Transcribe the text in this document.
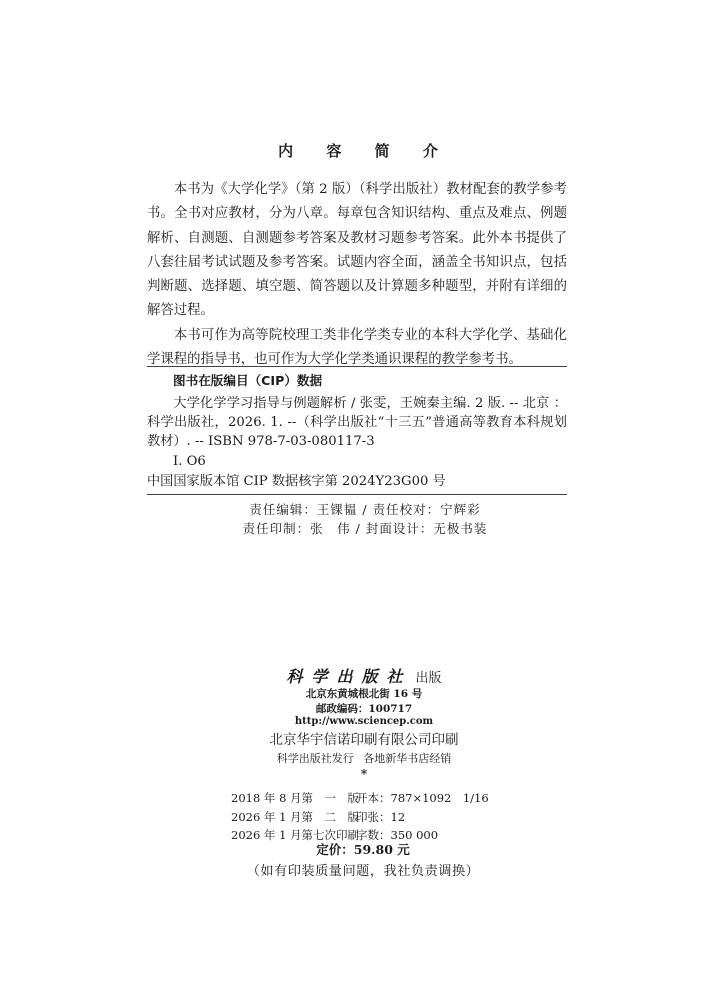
内 容 简 介

本书为《大学化学》（第 2 版）（科学出版社）教材配套的教学参考书。全书对应教材，分为八章。每章包含知识结构、重点及难点、例题解析、自测题、自测题参考答案及教材习题参考答案。此外本书提供了八套往届考试试题及参考答案。试题内容全面，涵盖全书知识点，包括判断题、选择题、填空题、简答题以及计算题多种题型，并附有详细的解答过程。

本书可作为高等院校理工类非化学类专业的本科大学化学、基础化学课程的指导书，也可作为大学化学类通识课程的教学参考书。

图书在版编目（CIP）数据
大学化学学习指导与例题解析 / 张雯，王婉秦主编. 2 版. -- 北京 ： 科学出版社，2026. 1. --（科学出版社“十三五”普通高等教育本科规划教材）. -- ISBN 978-7-03-080117-3
Ⅰ. O6
中国国家版本馆 CIP 数据核字第 2024Y23G00 号
责任编辑：王锞韫 / 责任校对：宁辉彩
责任印制：张　伟 / 封面设计：无极书装
科学出版社 出版
北京东黄城根北街 16 号
邮政编码：100717
http://www.sciencep.com
北京华宇信诺印刷有限公司印刷
科学出版社发行 各地新华书店经销
*
2018 年 8 月第　一　版
开本：787×1092　1/16
2026 年 1 月第　二　版
印张：12
2026 年 1 月第七次印刷
字数：350 000
定价：59.80 元
（如有印装质量问题，我社负责调换）
